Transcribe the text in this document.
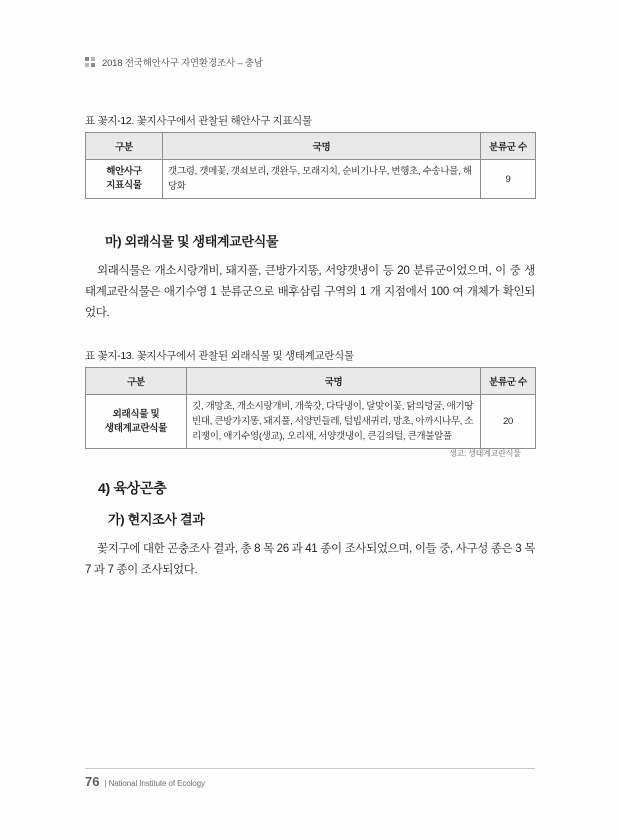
2018 전국해안사구 자연환경조사 – 충남
표 꽃지-12. 꽃지사구에서 관찰된 해안사구 지표식물
구분	국명	분류군 수
해안사구
지표식물	갯그령, 갯메꽃, 갯쇠보리, 갯완두, 모래지치, 순비기나무, 번행초, 수송나물, 해당화	9
마) 외래식물 및 생태계교란식물
외래식물은 개소시랑개비, 돼지풀, 큰방가지똥, 서양갯냉이 등 20 분류군이었으며, 이 중 생태계교란식물은 애기수영 1 분류군으로 배후삼림 구역의 1 개 지점에서 100 여 개체가 확인되었다.
표 꽃지-13. 꽃지사구에서 관찰된 외래식물 및 생태계교란식물
구분	국명	분류군 수
외래식물 및
생태계교란식물	깃, 개망초, 개소시랑개비, 개쑥갓, 다닥냉이, 달맞이꽃, 닭의덩굴, 애기땅빈대, 큰방가지똥, 돼지풀, 서양민들레, 털빕새귀리, 망초, 아까시나무, 소리쟁이, 애기수영(생교), 오리새, 서양갯냉이, 큰김의털, 큰개불알풀	20
생교: 생태계교란식물
4) 육상곤충
가) 현지조사 결과
꽃지구에 대한 곤충조사 결과, 총 8 목 26 과 41 종이 조사되었으며, 이들 중, 사구성 종은 3 목 7 과 7 종이 조사되었다.
76 | National Institute of Ecology
